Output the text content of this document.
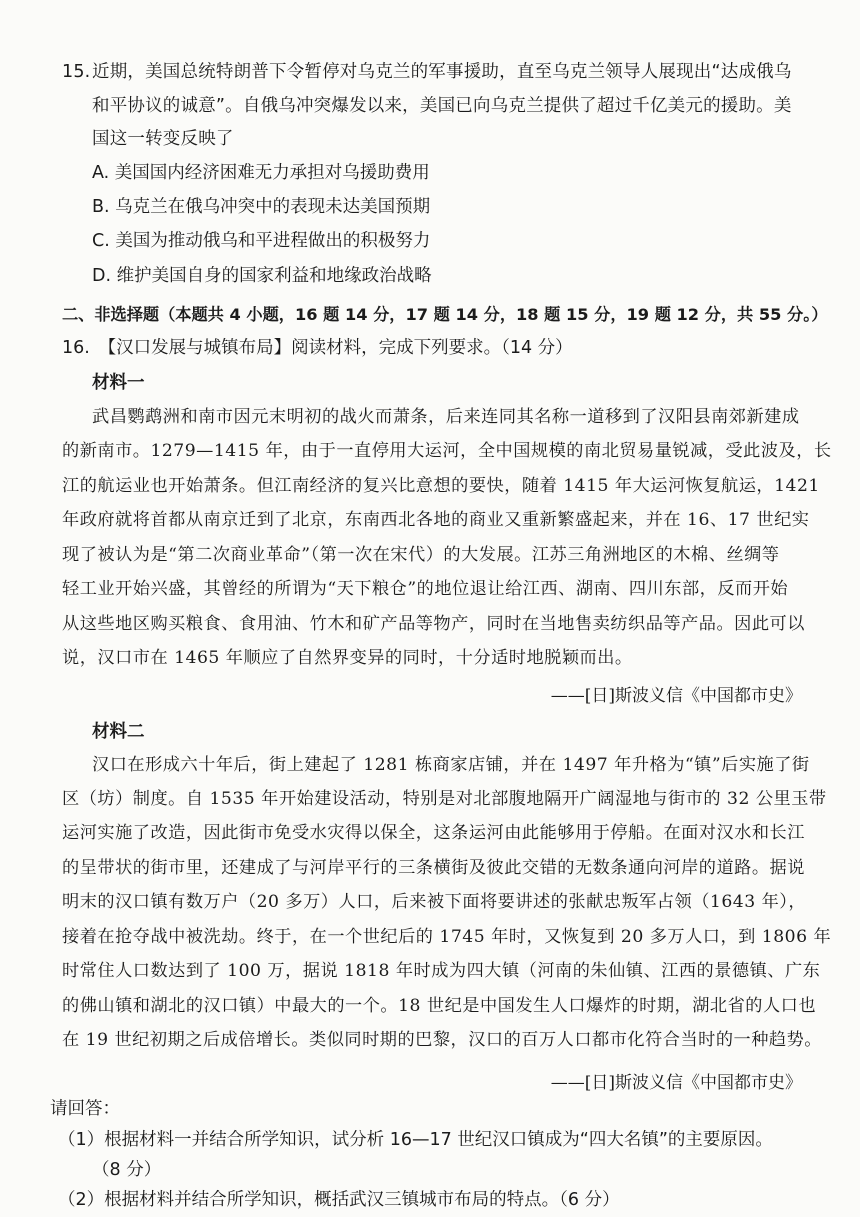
15. 近期，美国总统特朗普下令暂停对乌克兰的军事援助，直至乌克兰领导人展现出“达成俄乌
和平协议的诚意”。自俄乌冲突爆发以来，美国已向乌克兰提供了超过千亿美元的援助。美
国这一转变反映了
A. 美国国内经济困难无力承担对乌援助费用
B. 乌克兰在俄乌冲突中的表现未达美国预期
C. 美国为推动俄乌和平进程做出的积极努力
D. 维护美国自身的国家利益和地缘政治战略
二、非选择题（本题共 4 小题，16 题 14 分，17 题 14 分，18 题 15 分，19 题 12 分，共 55 分。）
16.　【汉口发展与城镇布局】阅读材料，完成下列要求。（14 分）
材料一
武昌鹦鹉洲和南市因元末明初的战火而萧条，后来连同其名称一道移到了汉阳县南郊新建成
的新南市。1279—1415 年，由于一直停用大运河，全中国规模的南北贸易量锐减，受此波及，长
江的航运业也开始萧条。但江南经济的复兴比意想的要快，随着 1415 年大运河恢复航运，1421
年政府就将首都从南京迁到了北京，东南西北各地的商业又重新繁盛起来，并在 16、17 世纪实
现了被认为是“第二次商业革命”（第一次在宋代）的大发展。江苏三角洲地区的木棉、丝绸等
轻工业开始兴盛，其曾经的所谓为“天下粮仓”的地位退让给江西、湖南、四川东部，反而开始
从这些地区购买粮食、食用油、竹木和矿产品等物产，同时在当地售卖纺织品等产品。因此可以
说，汉口市在 1465 年顺应了自然界变异的同时，十分适时地脱颖而出。
——[日]斯波义信《中国都市史》
材料二
汉口在形成六十年后，街上建起了 1281 栋商家店铺，并在 1497 年升格为“镇”后实施了街
区（坊）制度。自 1535 年开始建设活动，特别是对北部腹地隔开广阔湿地与街市的 32 公里玉带
运河实施了改造，因此街市免受水灾得以保全，这条运河由此能够用于停船。在面对汉水和长江
的呈带状的街市里，还建成了与河岸平行的三条横街及彼此交错的无数条通向河岸的道路。据说
明末的汉口镇有数万户（20 多万）人口，后来被下面将要讲述的张献忠叛军占领（1643 年），
接着在抢夺战中被洗劫。终于，在一个世纪后的 1745 年时，又恢复到 20 多万人口，到 1806 年
时常住人口数达到了 100 万，据说 1818 年时成为四大镇（河南的朱仙镇、江西的景德镇、广东
的佛山镇和湖北的汉口镇）中最大的一个。18 世纪是中国发生人口爆炸的时期，湖北省的人口也
在 19 世纪初期之后成倍增长。类似同时期的巴黎，汉口的百万人口都市化符合当时的一种趋势。
——[日]斯波义信《中国都市史》
请回答：
（1）根据材料一并结合所学知识，试分析 16—17 世纪汉口镇成为“四大名镇”的主要原因。
（8 分）
（2）根据材料并结合所学知识，概括武汉三镇城市布局的特点。（6 分）
